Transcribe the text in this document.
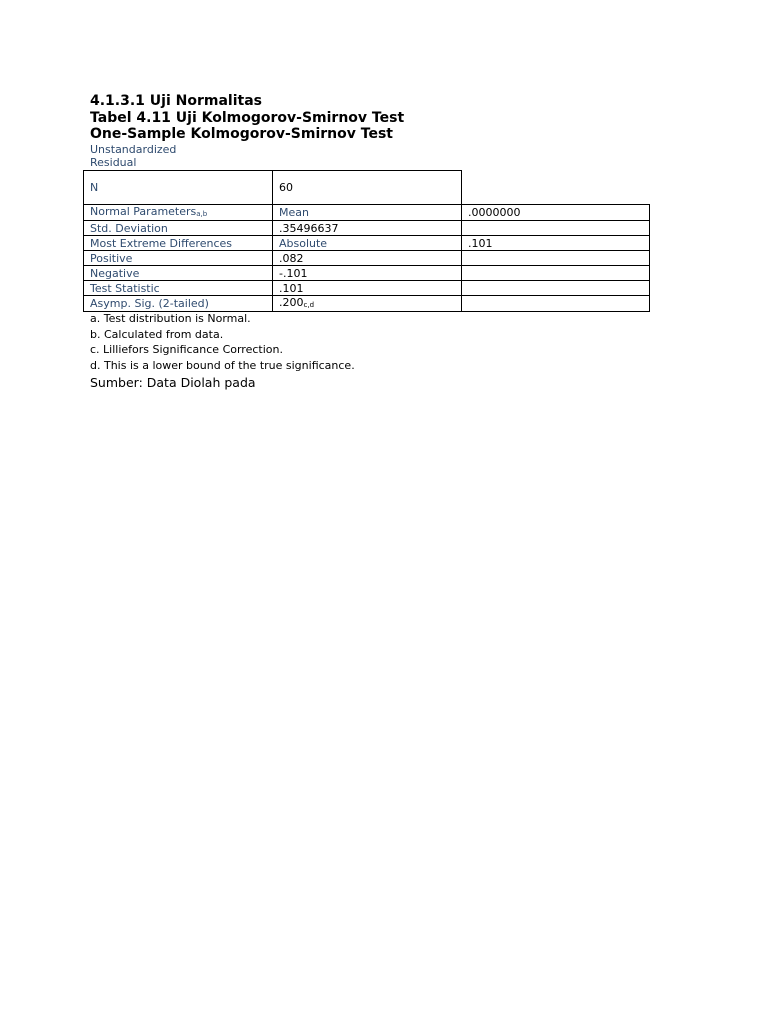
4.1.3.1 Uji Normalitas
Tabel 4.11 Uji Kolmogorov-Smirnov Test
One-Sample Kolmogorov-Smirnov Test
Unstandardized
Residual
N	60	
Normal Parameters$_{a,b}$	Mean	.0000000
Std. Deviation	.35496637	
Most Extreme Differences	Absolute	.101
Positive	.082	
Negative	-.101	
Test Statistic	.101	
Asymp. Sig. (2-tailed)	$.200_{c,d}$	
a. Test distribution is Normal.
b. Calculated from data.
c. Lilliefors Significance Correction.
d. This is a lower bound of the true significance.
Sumber: Data Diolah pada
